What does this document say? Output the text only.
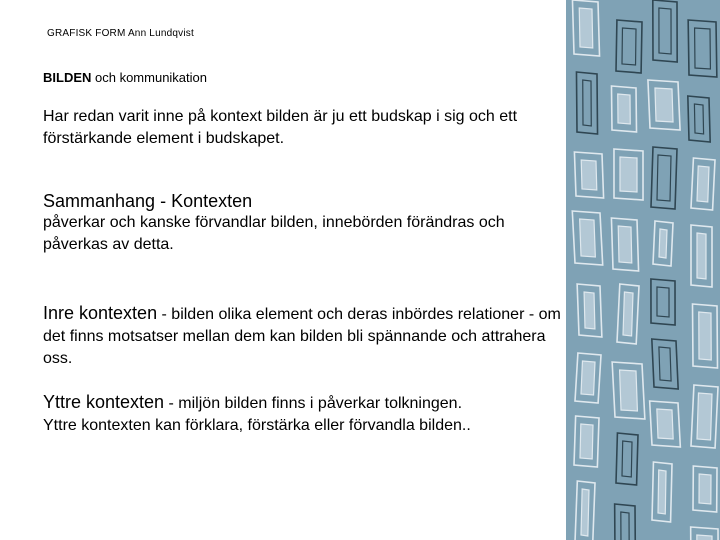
GRAFISK FORM Ann Lundqvist
BILDEN och kommunikation
Har redan varit inne på kontext bilden är ju ett budskap i sig och ett förstärkande element i budskapet.
Sammanhang - Kontexten
påverkar och kanske förvandlar bilden, innebörden förändras och påverkas av detta.
Inre kontexten - bilden olika element och deras inbördes relationer - om det finns motsatser mellan dem kan bilden bli spännande och attrahera oss.
Yttre kontexten - miljön bilden finns i påverkar tolkningen.
Yttre kontexten kan förklara, förstärka eller förvandla bilden..
